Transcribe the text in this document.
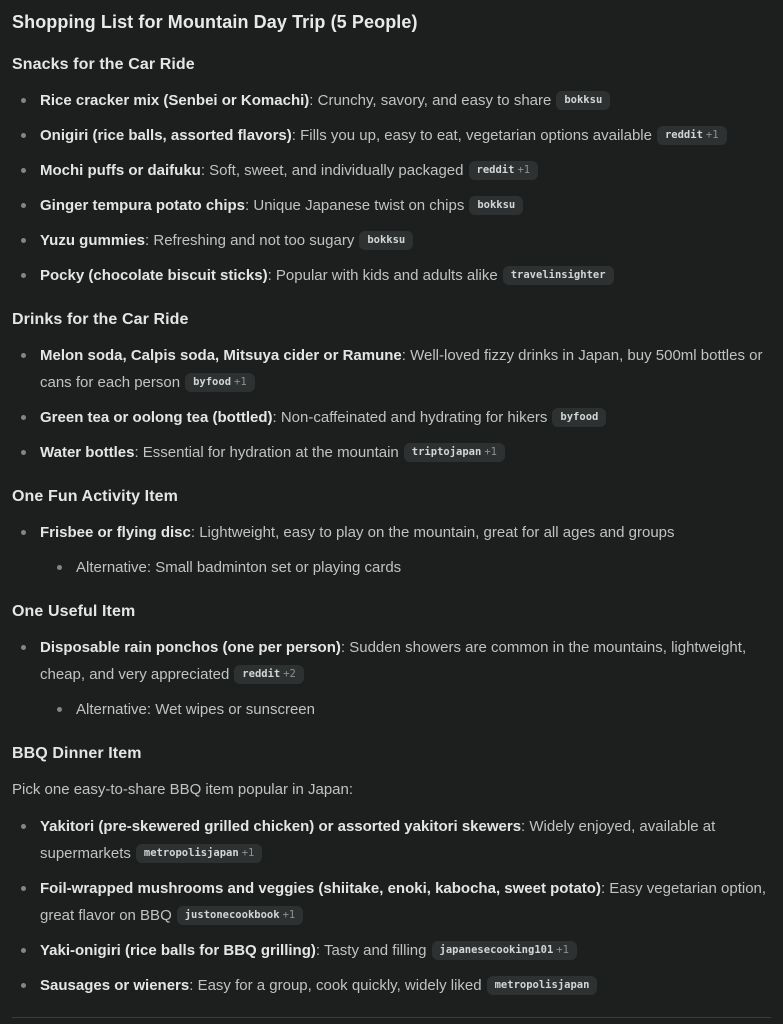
Shopping List for Mountain Day Trip (5 People)
Snacks for the Car Ride
Rice cracker mix (Senbei or Komachi): Crunchy, savory, and easy to share bokksu
Onigiri (rice balls, assorted flavors): Fills you up, easy to eat, vegetarian options available reddit +1
Mochi puffs or daifuku: Soft, sweet, and individually packaged reddit +1
Ginger tempura potato chips: Unique Japanese twist on chips bokksu
Yuzu gummies: Refreshing and not too sugary bokksu
Pocky (chocolate biscuit sticks): Popular with kids and adults alike travelinsighter
Drinks for the Car Ride
Melon soda, Calpis soda, Mitsuya cider or Ramune: Well-loved fizzy drinks in Japan, buy 500ml bottles or cans for each person byfood +1
Green tea or oolong tea (bottled): Non-caffeinated and hydrating for hikers byfood
Water bottles: Essential for hydration at the mountain triptojapan +1
One Fun Activity Item
Frisbee or flying disc: Lightweight, easy to play on the mountain, great for all ages and groups
Alternative: Small badminton set or playing cards
One Useful Item
Disposable rain ponchos (one per person): Sudden showers are common in the mountains, lightweight, cheap, and very appreciated reddit +2
Alternative: Wet wipes or sunscreen
BBQ Dinner Item

Pick one easy-to-share BBQ item popular in Japan:

Yakitori (pre-skewered grilled chicken) or assorted yakitori skewers: Widely enjoyed, available at supermarkets metropolisjapan +1
Foil-wrapped mushrooms and veggies (shiitake, enoki, kabocha, sweet potato): Easy vegetarian option, great flavor on BBQ justonecookbook +1
Yaki-onigiri (rice balls for BBQ grilling): Tasty and filling japanesecooking101 +1
Sausages or wieners: Easy for a group, cook quickly, widely liked metropolisjapan
